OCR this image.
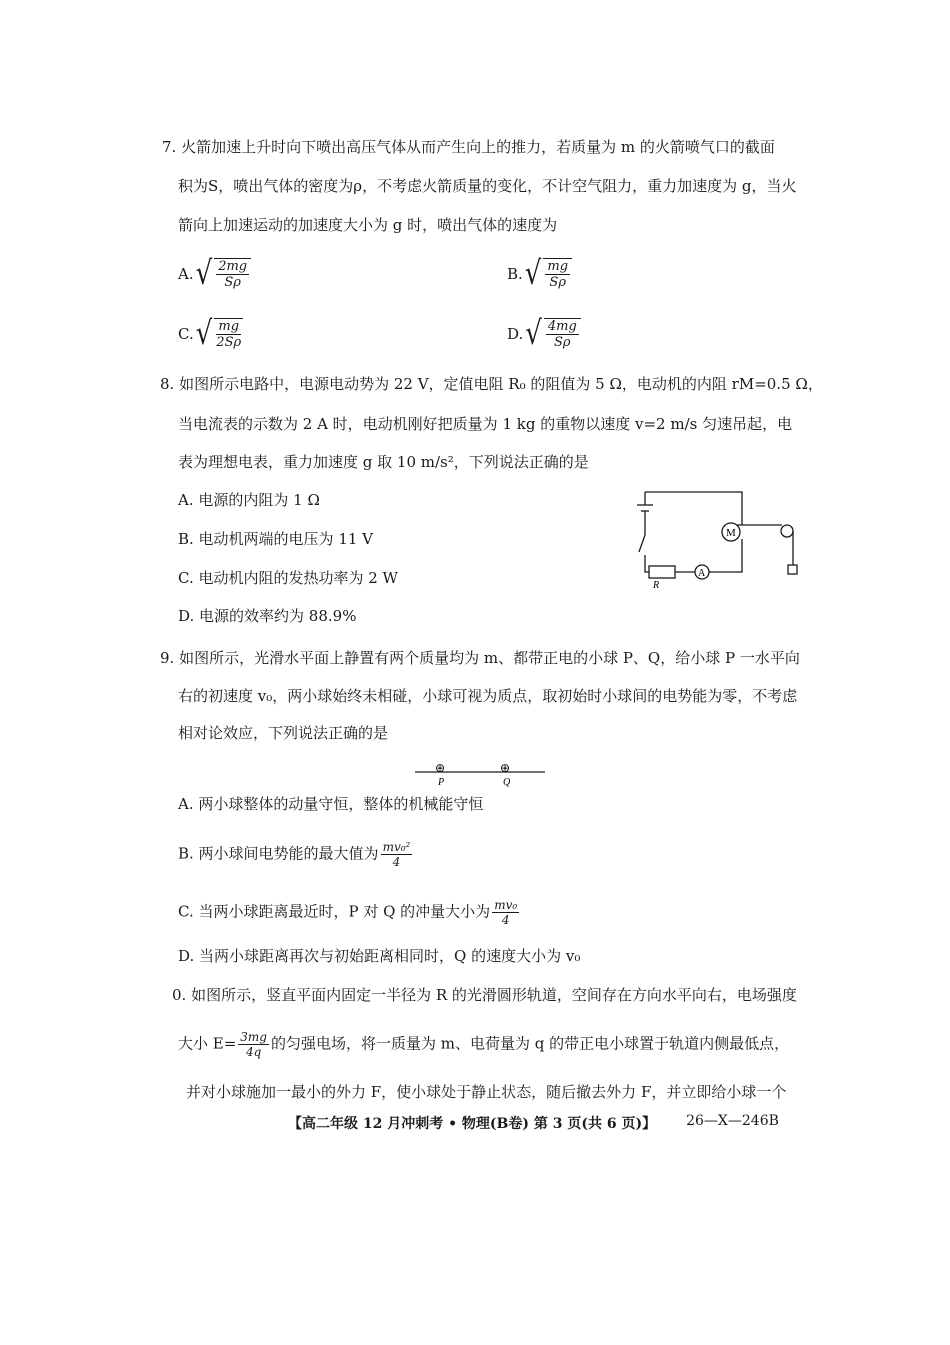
7. 火箭加速上升时向下喷出高压气体从而产生向上的推力，若质量为 m 的火箭喷气口的截面
积为S，喷出气体的密度为ρ，不考虑火箭质量的变化，不计空气阻力，重力加速度为 g，当火
箭向上加速运动的加速度大小为 g 时，喷出气体的速度为
A. √ $\frac{2mg}{S\rho}$	B. √ $\frac{mg}{S\rho}$
C. √ $\frac{mg}{2S\rho}$	D. √ $\frac{4mg}{S\rho}$
8. 如图所示电路中，电源电动势为 22 V，定值电阻 R₀ 的阻值为 5 Ω，电动机的内阻 rM=0.5 Ω，
当电流表的示数为 2 A 时，电动机刚好把质量为 1 kg 的重物以速度 v=2 m/s 匀速吊起，电
表为理想电表，重力加速度 g 取 10 m/s²，下列说法正确的是
A. 电源的内阻为 1 Ω
B. 电动机两端的电压为 11 V
C. 电动机内阻的发热功率为 2 W
D. 电源的效率约为 88.9%
M
A
R
9. 如图所示，光滑水平面上静置有两个质量均为 m、都带正电的小球 P、Q，给小球 P 一水平向
右的初速度 v₀，两小球始终未相碰，小球可视为质点，取初始时小球间的电势能为零，不考虑
相对论效应，下列说法正确的是
⊕	⊕
P	Q
A. 两小球整体的动量守恒，整体的机械能守恒
B. 两小球间电势能的最大值为 $\frac{\text{mv₀²}}{4}$
C. 当两小球距离最近时，P 对 Q 的冲量大小为 $\frac{\text{mv₀}}{4}$
D. 当两小球距离再次与初始距离相同时，Q 的速度大小为 v₀
0. 如图所示，竖直平面内固定一半径为 R 的光滑圆形轨道，空间存在方向水平向右，电场强度
大小 $E= \frac{3mg}{4q}$ 的匀强电场，将一质量为 m、电荷量为 q 的带正电小球置于轨道内侧最低点，
并对小球施加一最小的外力 F，使小球处于静止状态，随后撤去外力 F，并立即给小球一个
【高二年级 12 月冲刺考 • 物理(B卷) 第 3 页(共 6 页)】 26—X—246B
